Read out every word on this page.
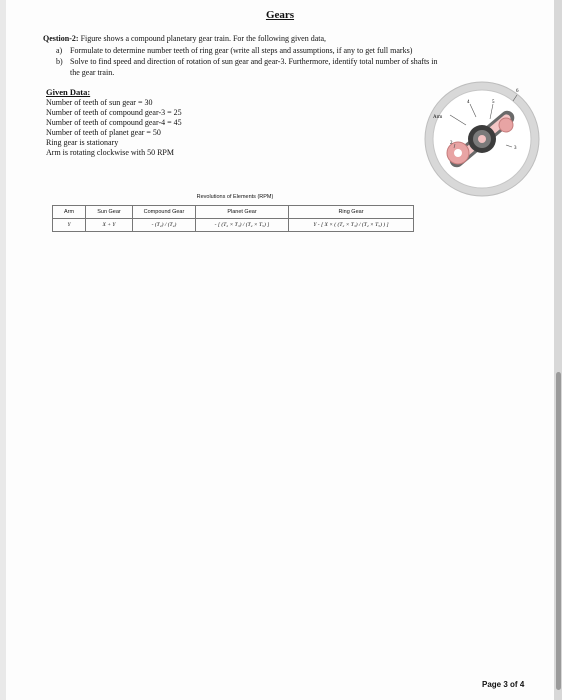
Gears
Qestion-2: Figure shows a compound planetary gear train. For the following given data,
a) Formulate to determine number teeth of ring gear (write all steps and assumptions, if any to get full marks)
b) Solve to find speed and direction of rotation of sun gear and gear-3. Furthermore, identify total number of shafts in
the gear train.
Given Data:
Number of teeth of sun gear = 30
Number of teeth of compound gear-3 = 25
Number of teeth of compound gear-4 = 45
Number of teeth of planet gear = 50
Ring gear is stationary
Arm is rotating clockwise with 50 RPM
Arm
4	5
6
2
3
Revolutions of Elements (RPM)
Arm	Sun Gear	Compound Gear	Planet Gear	Ring Gear
Y	X + Y	- (T₂) / (T₄)	- [ (T₂ × T₃) / (T₄ × T₅) ]	Y - [ X × ( (T₂ × T₃) / (T₄ × T₅) ) ]
Page 3 of 4
